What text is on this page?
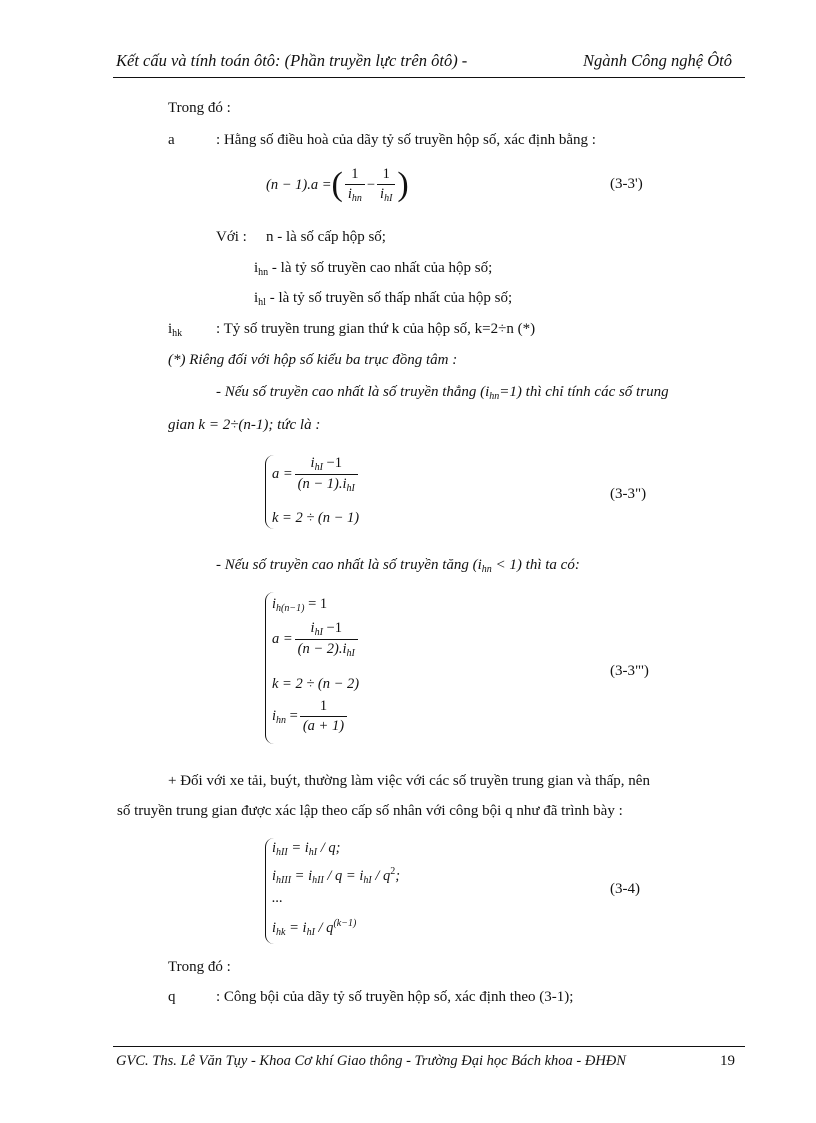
Kết cấu và tính toán ôtô: (Phần truyền lực trên ôtô) -	Ngành Công nghệ Ôtô
Trong đó :
a	: Hằng số điều hoà của dãy tỷ số truyền hộp số, xác định bằng :
(n − 1).a = ( $\frac{1}{i_{hn}} - \frac{1}{i_{hI}}$ )	(3-3')
Với : n - là số cấp hộp số;
$i_{hn}$ - là tỷ số truyền cao nhất của hộp số;
$i_{hl}$ - là tỷ số truyền số thấp nhất của hộp số;
$i_{hk}$ : Tỷ số truyền trung gian thứ k của hộp số, k=2÷n (*)
(*) Riêng đối với hộp số kiểu ba trục đồng tâm :
- Nếu số truyền cao nhất là số truyền thẳng $(i_{hn}=1)$ thì chỉ tính các số trung
gian k = 2÷(n-1); tức là :
$a = \frac{i_{hI} -1}{(n - 1).i_{hI}}$
k = 2 ÷ (n − 1)
(3-3")
- Nếu số truyền cao nhất là số truyền tăng $(i_{hn} < 1)$ thì ta có:
$i_{h(n-1)} = 1$
$a = \frac{i_{hI} -1}{(n - 2).i_{hI}}$
k = 2 ÷ (n − 2)
$i_{hn} = \frac{1}{(a + 1)}$
(3-3"')
+ Đối với xe tải, buýt, thường làm việc với các số truyền trung gian và thấp, nên
số truyền trung gian được xác lập theo cấp số nhân với công bội q như đã trình bày :
$i_{hII} = i_{hI} / q$;
$i_{hIII} = i_{hII} / q = i_{hI} / q^2$;
...
$i_{hk} = i_{hI} / q^{(k-1)}$
(3-4)
Trong đó :
q	: Công bội của dãy tỷ số truyền hộp số, xác định theo (3-1);
GVC. Ths. Lê Văn Tụy - Khoa Cơ khí Giao thông - Trường Đại học Bách khoa - ĐHĐN	19
